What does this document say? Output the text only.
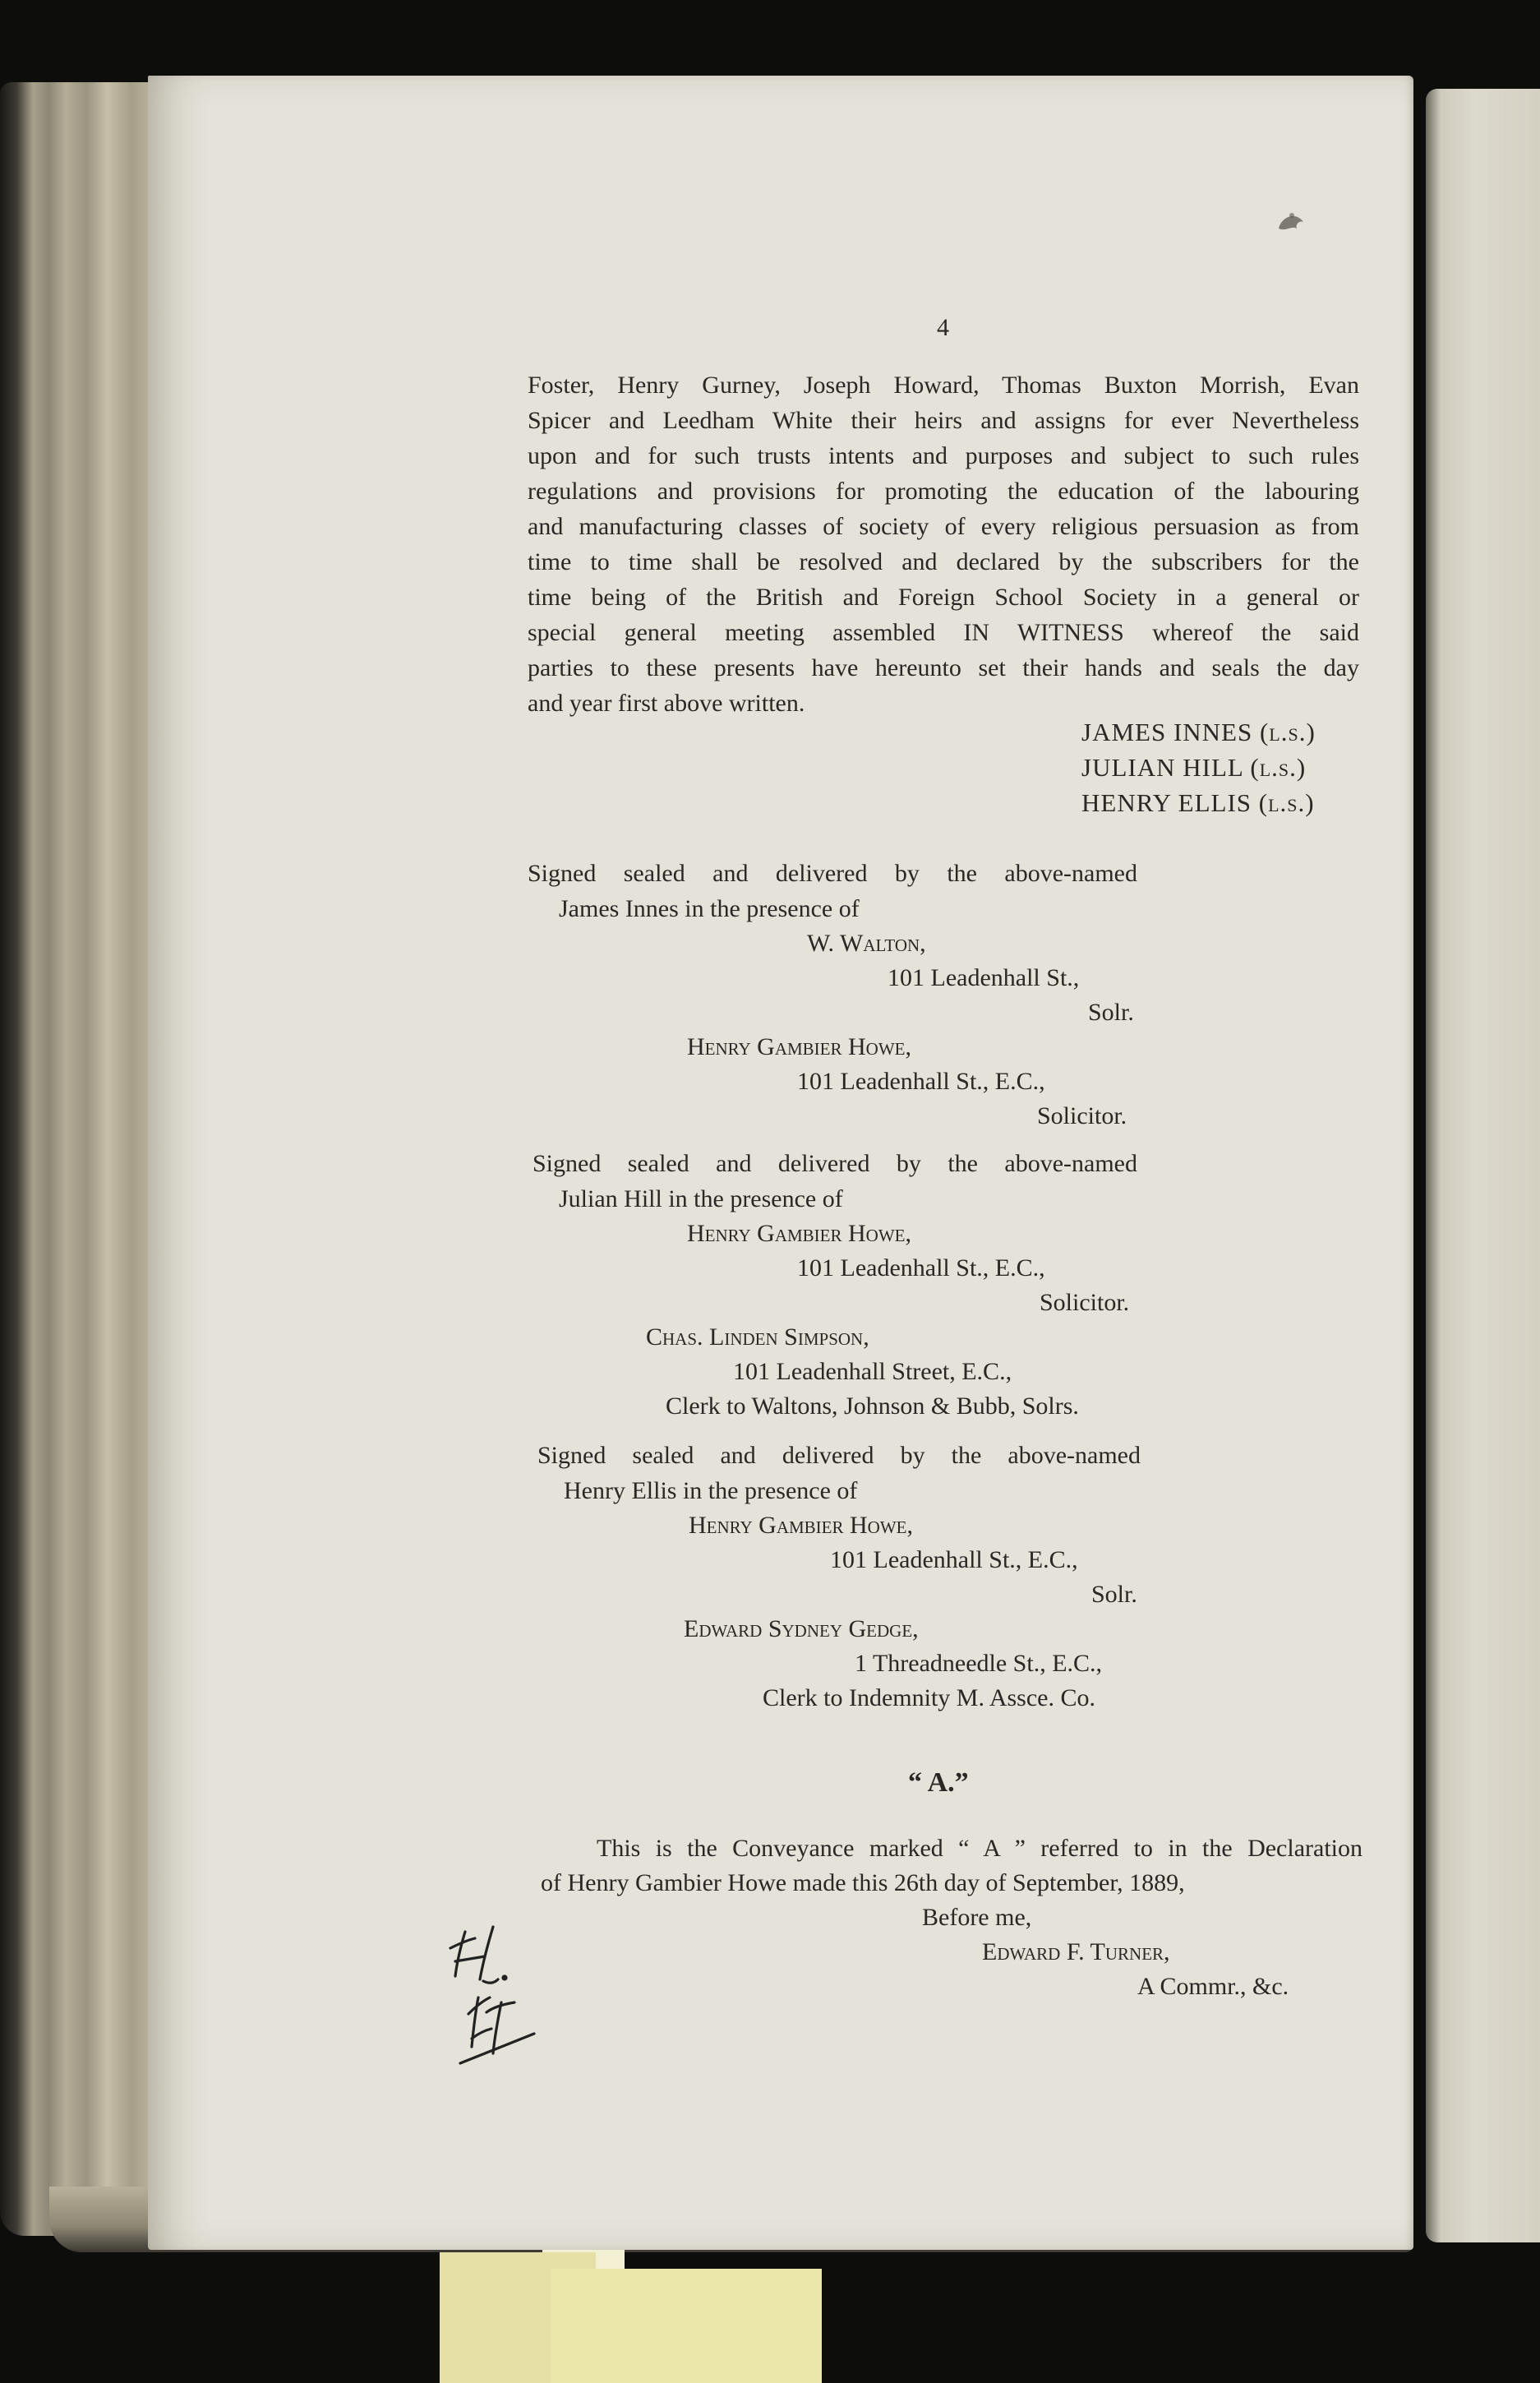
4
Foster, Henry Gurney, Joseph Howard, Thomas Buxton Morrish, Evan
Spicer and Leedham White their heirs and assigns for ever Nevertheless
upon and for such trusts intents and purposes and subject to such rules
regulations and provisions for promoting the education of the labouring
and manufacturing classes of society of every religious persuasion as from
time to time shall be resolved and declared by the subscribers for the
time being of the British and Foreign School Society in a general or
special general meeting assembled IN WITNESS whereof the said
parties to these presents have hereunto set their hands and seals the day
and year first above written.
JAMES INNES (l.s.)
JULIAN HILL (l.s.)
HENRY ELLIS (l.s.)
Signed sealed and delivered by the above-named
James Innes in the presence of
W. Walton,
101 Leadenhall St.,
Solr.
Henry Gambier Howe,
101 Leadenhall St., E.C.,
Solicitor.
Signed sealed and delivered by the above-named
Julian Hill in the presence of
Henry Gambier Howe,
101 Leadenhall St., E.C.,
Solicitor.
Chas. Linden Simpson,
101 Leadenhall Street, E.C.,
Clerk to Waltons, Johnson & Bubb, Solrs.
Signed sealed and delivered by the above-named
Henry Ellis in the presence of
Henry Gambier Howe,
101 Leadenhall St., E.C.,
Solr.
Edward Sydney Gedge,
1 Threadneedle St., E.C.,
Clerk to Indemnity M. Assce. Co.
“ A.”
This is the Conveyance marked “ A ” referred to in the Declaration
of Henry Gambier Howe made this 26th day of September, 1889,
Before me,
Edward F. Turner,
A Commr., &c.
